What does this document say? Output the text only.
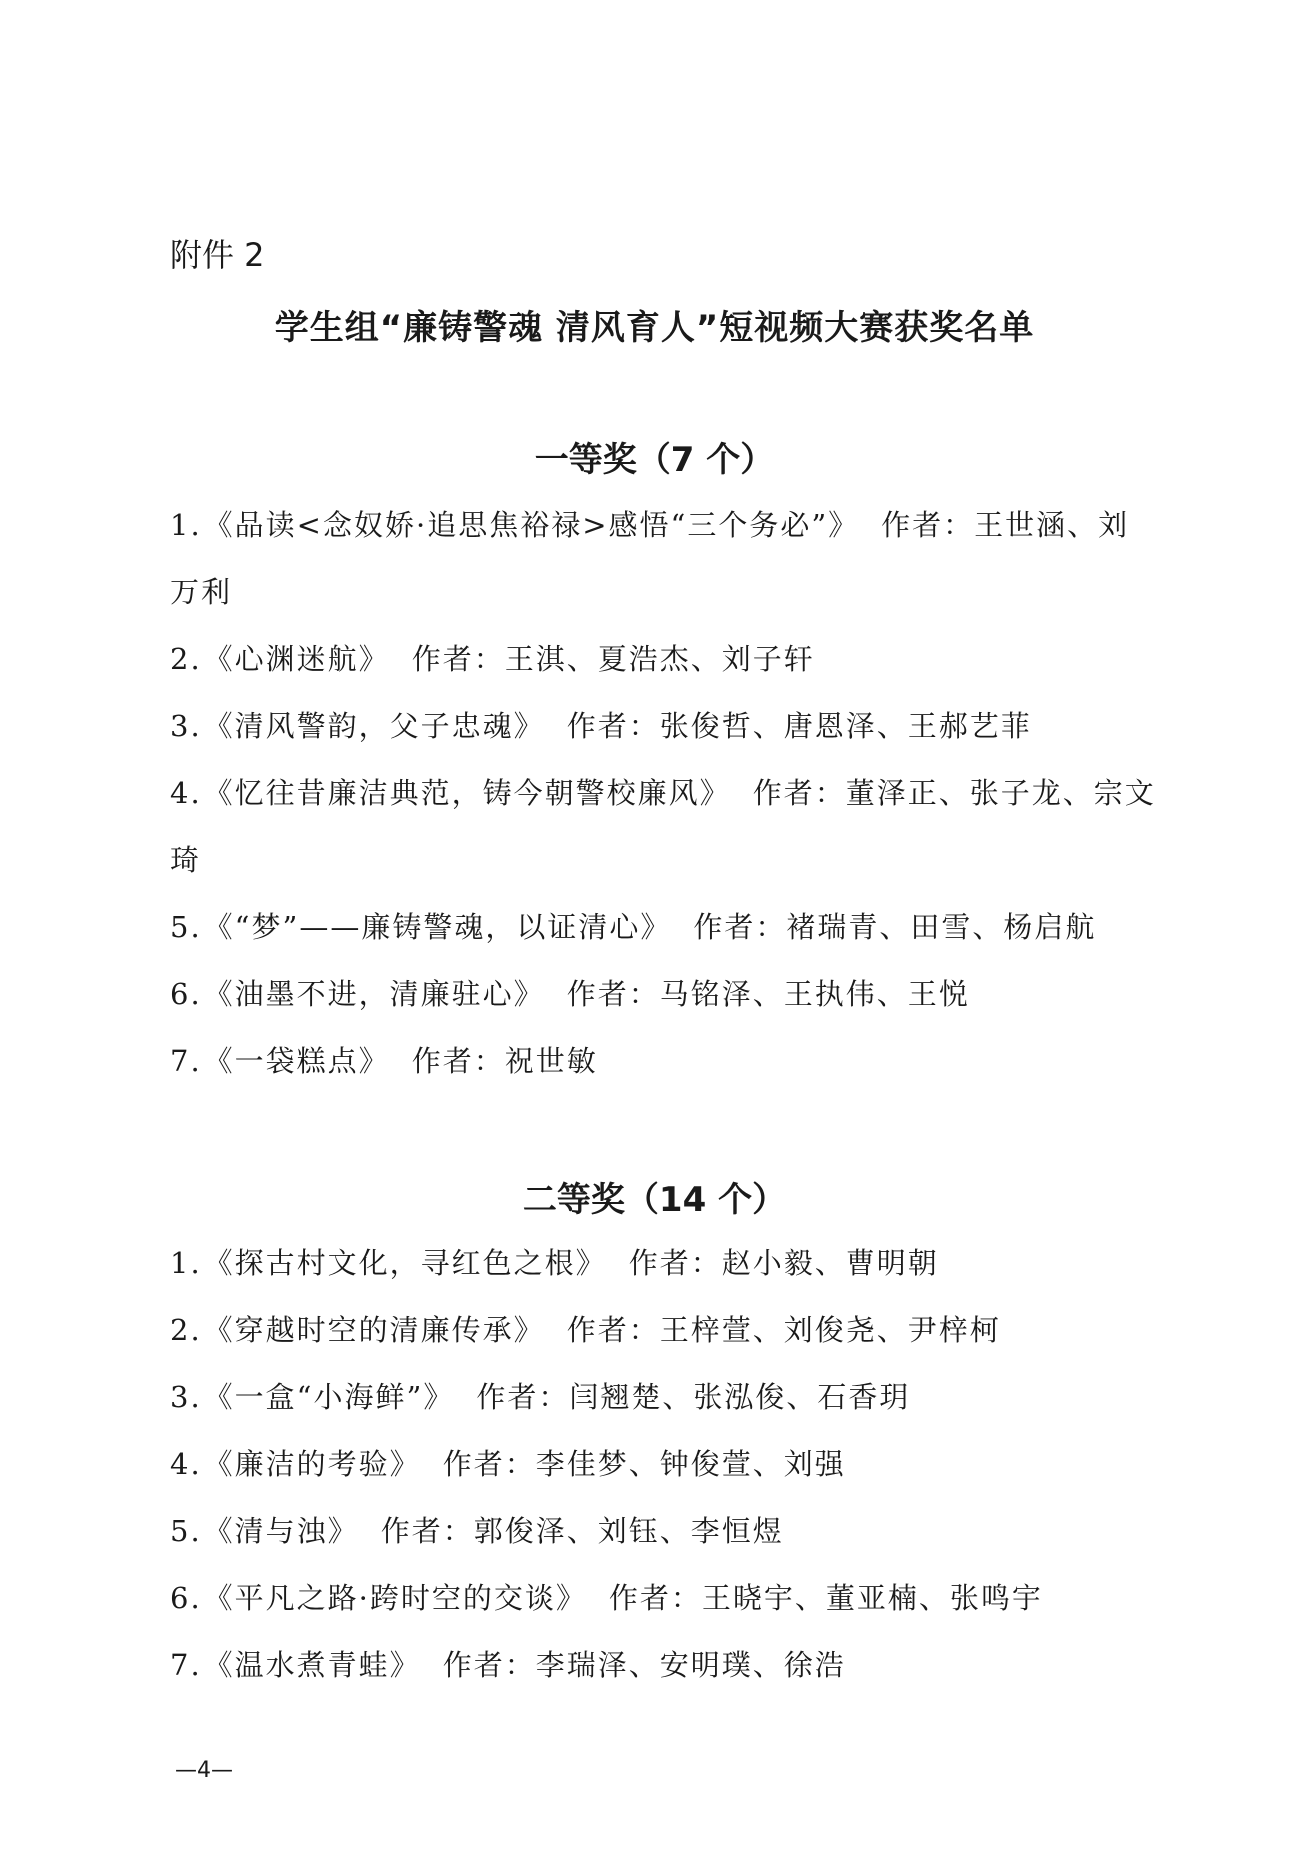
附件 2
学生组“廉铸警魂 清风育人”短视频大赛获奖名单
一等奖（7 个）
1.《品读<念奴娇·追思焦裕禄>感悟“三个务必”》 作者：王世涵、刘万利
2.《心渊迷航》 作者：王淇、夏浩杰、刘子轩
3.《清风警韵，父子忠魂》 作者：张俊哲、唐恩泽、王郝艺菲
4.《忆往昔廉洁典范，铸今朝警校廉风》 作者：董泽正、张子龙、宗文琦
5.《“梦”——廉铸警魂，以证清心》 作者：褚瑞青、田雪、杨启航
6.《油墨不进，清廉驻心》 作者：马铭泽、王执伟、王悦
7.《一袋糕点》 作者：祝世敏
二等奖（14 个）
1.《探古村文化，寻红色之根》 作者：赵小毅、曹明朝
2.《穿越时空的清廉传承》 作者：王梓萱、刘俊尧、尹梓柯
3.《一盒“小海鲜”》 作者：闫翘楚、张泓俊、石香玥
4.《廉洁的考验》 作者：李佳梦、钟俊萱、刘强
5.《清与浊》 作者：郭俊泽、刘钰、李恒煜
6.《平凡之路·跨时空的交谈》 作者：王晓宇、董亚楠、张鸣宇
7.《温水煮青蛙》 作者：李瑞泽、安明璞、徐浩
—4—
